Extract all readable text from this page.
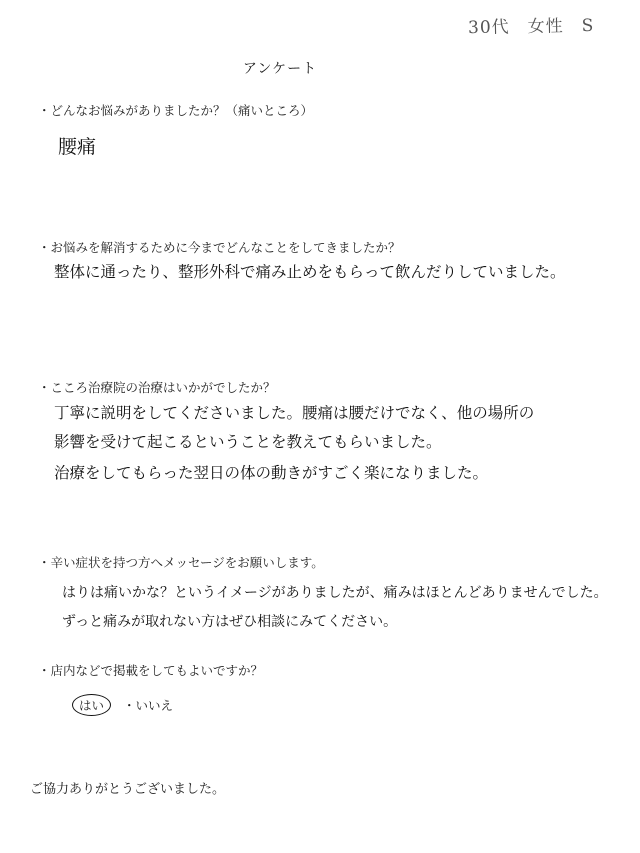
30代　女性　S
アンケート
・どんなお悩みがありましたか？（痛いところ）
腰痛
・お悩みを解消するために今までどんなことをしてきましたか？
整体に通ったり、整形外科で痛み止めをもらって飲んだりしていました。
・こころ治療院の治療はいかがでしたか？
丁寧に説明をしてくださいました。腰痛は腰だけでなく、他の場所の
影響を受けて起こるということを教えてもらいました。
治療をしてもらった翌日の体の動きがすごく楽になりました。
・辛い症状を持つ方へメッセージをお願いします。
はりは痛いかな？というイメージがありましたが、痛みはほとんどありませんでした。
ずっと痛みが取れない方はぜひ相談にみてください。
・店内などで掲載をしてもよいですか？
はい	・ いいえ
ご協力ありがとうございました。
